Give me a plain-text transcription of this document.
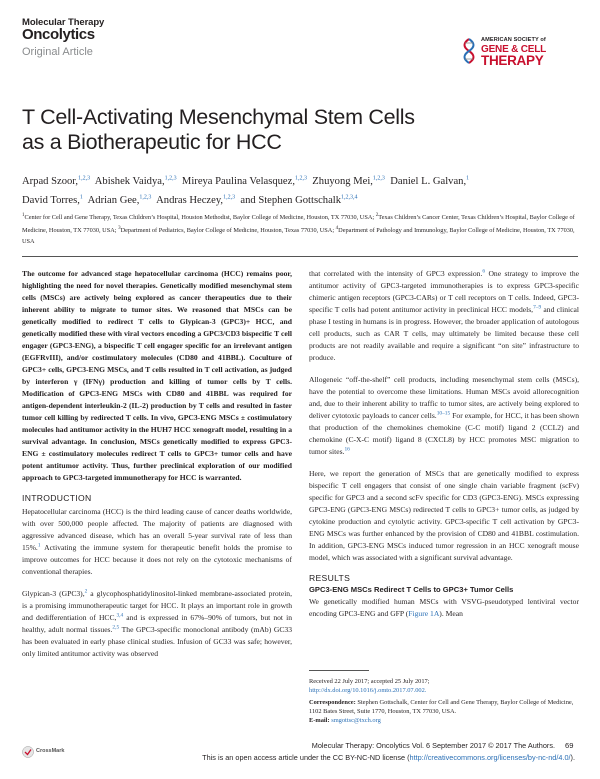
Molecular Therapy
Oncolytics
Original Article
AMERICAN SOCIETY of
GENE & CELL
THERAPY
T Cell-Activating Mesenchymal Stem Cells
as a Biotherapeutic for HCC
Arpad Szoor,$^{1,2,3}$ Abishek Vaidya,$^{1,2,3}$ Mireya Paulina Velasquez,$^{1,2,3}$ Zhuyong Mei,$^{1,2,3}$ Daniel L. Galvan,$^1$
David Torres,$^1$ Adrian Gee,$^{1,2,3}$ Andras Heczey,$^{1,2,3}$ and Stephen Gottschalk$^{1,2,3,4}$
$^1$Center for Cell and Gene Therapy, Texas Children’s Hospital, Houston Methodist, Baylor College of Medicine, Houston, TX 77030, USA; $^2$Texas Children’s Cancer Center, Texas Children’s Hospital, Baylor College of Medicine, Houston, TX 77030, USA; $^3$Department of Pediatrics, Baylor College of Medicine, Houston, Texas 77030, USA; $^4$Department of Pathology and Immunology, Baylor College of Medicine, Houston, TX 77030, USA

The outcome for advanced stage hepatocellular carcinoma (HCC) remains poor, highlighting the need for novel therapies. Genetically modified mesenchymal stem cells (MSCs) are actively being explored as cancer therapeutics due to their inherent ability to migrate to tumor sites. We reasoned that MSCs can be genetically modified to redirect T cells to Glypican-3 (GPC3)+ HCC, and genetically modified these with viral vectors encoding a GPC3/CD3 bispecific T cell engager (GPC3-ENG), a bispecific T cell engager specific for an irrelevant antigen (EGFRvIII), and/or costimulatory molecules (CD80 and 41BBL). Coculture of GPC3+ cells, GPC3-ENG MSCs, and T cells resulted in T cell activation, as judged by interferon γ (IFNγ) production and killing of tumor cells by T cells. Modification of GPC3-ENG MSCs with CD80 and 41BBL was required for antigen-dependent interleukin-2 (IL-2) production by T cells and resulted in faster tumor cell killing by redirected T cells. In vivo, GPC3-ENG MSCs ± costimulatory molecules had antitumor activity in the HUH7 HCC xenograft model, resulting in a survival advantage. In conclusion, MSCs genetically modified to express GPC3-ENG ± costimulatory molecules redirect T cells to GPC3+ tumor cells and have potent antitumor activity. Thus, further preclinical exploration of our modified approach to GPC3-targeted immunotherapy for HCC is warranted.

INTRODUCTION

Hepatocellular carcinoma (HCC) is the third leading cause of cancer deaths worldwide, with over 500,000 people affected. The majority of patients are diagnosed with aggressive advanced disease, which has an overall 5-year survival rate of less than 15%.$^1$ Activating the immune system for therapeutic benefit holds the promise to improve outcomes for HCC because it does not rely on the cytotoxic mechanisms of conventional therapies.

Glypican-3 (GPC3),$^2$ a glycophosphatidylinositol-linked membrane-associated protein, is a promising immunotherapeutic target for HCC. It plays an important role in growth and dedifferentiation of HCC,$^{3,4}$ and is expressed in 67%–90% of tumors, but not in healthy, adult normal tissues.$^{2,5}$ The GPC3-specific monoclonal antibody (mAb) GC33 has been evaluated in early phase clinical studies. Infusion of GC33 was safe; however, only limited antitumor activity was observed

that correlated with the intensity of GPC3 expression.$^6$ One strategy to improve the antitumor activity of GPC3-targeted immunotherapies is to express GPC3-specific chimeric antigen receptors (GPC3-CARs) or T cell receptors on T cells. Indeed, GPC3-specific T cells had potent antitumor activity in preclinical HCC models,$^{7-9}$ and clinical phase I testing in humans is in progress. However, the broader application of autologous cell products, such as CAR T cells, may ultimately be limited because these cell products are not readily available and require a significant “on site” infrastructure to produce.

Allogeneic “off-the-shelf” cell products, including mesenchymal stem cells (MSCs), have the potential to overcome these limitations. Human MSCs avoid allorecognition and, due to their inherent ability to traffic to tumor sites, are actively being explored to deliver cytotoxic payloads to cancer cells.$^{10-15}$ For example, for HCC, it has been shown that production of the chemokines chemokine (C-C motif) ligand 2 (CCL2) and chemokine (C-X-C motif) ligand 8 (CXCL8) by HCC promotes MSC migration to tumor sites.$^{16}$

Here, we report the generation of MSCs that are genetically modified to express bispecific T cell engagers that consist of one single chain variable fragment (scFv) specific for GPC3 and a second scFv specific for CD3 (GPC3-ENG). MSCs expressing GPC3-ENG (GPC3-ENG MSCs) redirected T cells to GPC3+ tumor cells, as judged by cytokine production and cytolytic activity. GPC3-specific T cell activation by GPC3-ENG MSCs was further enhanced by the provision of CD80 and 41BBL costimulation. In addition, GPC3-ENG MSCs induced tumor regression in an HCC xenograft mouse model, which was associated with a significant survival advantage.

RESULTS
GPC3-ENG MSCs Redirect T Cells to GPC3+ Tumor Cells

We genetically modified human MSCs with VSVG-pseudotyped lentiviral vector encoding GPC3-ENG and GFP (Figure 1A). Mean

Received 22 July 2017; accepted 25 July 2017;
http://dx.doi.org/10.1016/j.omto.2017.07.002.
Correspondence: Stephen Gottschalk, Center for Cell and Gene Therapy, Baylor College of Medicine, 1102 Bates Street, Suite 1770, Houston, TX 77030, USA.
E-mail: smgottsc@txch.org
CrossMark
Molecular Therapy: Oncolytics Vol. 6 September 2017 © 2017 The Authors. 69
This is an open access article under the CC BY-NC-ND license (http://creativecommons.org/licenses/by-nc-nd/4.0/).
